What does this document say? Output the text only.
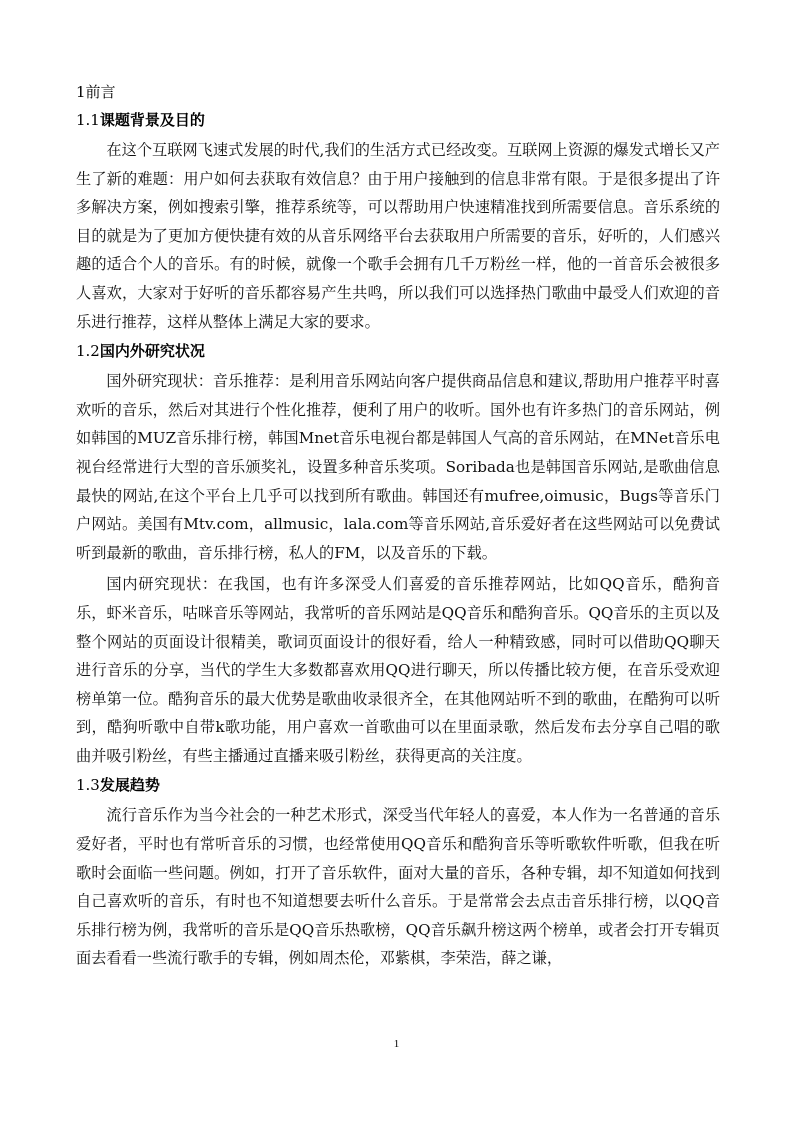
1前言
1.1课题背景及目的

在这个互联网飞速式发展的时代,我们的生活方式已经改变。互联网上资源的爆发式增长又产生了新的难题：用户如何去获取有效信息？由于用户接触到的信息非常有限。于是很多提出了许多解决方案，例如搜索引擎，推荐系统等，可以帮助用户快速精准找到所需要信息。音乐系统的目的就是为了更加方便快捷有效的从音乐网络平台去获取用户所需要的音乐，好听的，人们感兴趣的适合个人的音乐。有的时候，就像一个歌手会拥有几千万粉丝一样，他的一首音乐会被很多人喜欢，大家对于好听的音乐都容易产生共鸣，所以我们可以选择热门歌曲中最受人们欢迎的音乐进行推荐，这样从整体上满足大家的要求。

1.2国内外研究状况

国外研究现状：音乐推荐：是利用音乐网站向客户提供商品信息和建议,帮助用户推荐平时喜欢听的音乐，然后对其进行个性化推荐，便利了用户的收听。国外也有许多热门的音乐网站，例如韩国的MUZ音乐排行榜，韩国Mnet音乐电视台都是韩国人气高的音乐网站，在MNet音乐电视台经常进行大型的音乐颁奖礼，设置多种音乐奖项。Soribada也是韩国音乐网站,是歌曲信息最快的网站,在这个平台上几乎可以找到所有歌曲。韩国还有mufree,oimusic，Bugs等音乐门户网站。美国有Mtv.com，allmusic，lala.com等音乐网站,音乐爱好者在这些网站可以免费试听到最新的歌曲，音乐排行榜，私人的FM，以及音乐的下载。

国内研究现状：在我国，也有许多深受人们喜爱的音乐推荐网站，比如QQ音乐，酷狗音乐，虾米音乐，咕咪音乐等网站，我常听的音乐网站是QQ音乐和酷狗音乐。QQ音乐的主页以及整个网站的页面设计很精美，歌词页面设计的很好看，给人一种精致感，同时可以借助QQ聊天进行音乐的分享，当代的学生大多数都喜欢用QQ进行聊天，所以传播比较方便，在音乐受欢迎榜单第一位。酷狗音乐的最大优势是歌曲收录很齐全，在其他网站听不到的歌曲，在酷狗可以听到，酷狗听歌中自带k歌功能，用户喜欢一首歌曲可以在里面录歌，然后发布去分享自己唱的歌曲并吸引粉丝，有些主播通过直播来吸引粉丝，获得更高的关注度。

1.3发展趋势

流行音乐作为当今社会的一种艺术形式，深受当代年轻人的喜爱，本人作为一名普通的音乐爱好者，平时也有常听音乐的习惯，也经常使用QQ音乐和酷狗音乐等听歌软件听歌，但我在听歌时会面临一些问题。例如，打开了音乐软件，面对大量的音乐，各种专辑，却不知道如何找到自己喜欢听的音乐，有时也不知道想要去听什么音乐。于是常常会去点击音乐排行榜，以QQ音乐排行榜为例，我常听的音乐是QQ音乐热歌榜，QQ音乐飙升榜这两个榜单，或者会打开专辑页面去看看一些流行歌手的专辑，例如周杰伦，邓紫棋，李荣浩，薛之谦，

1
